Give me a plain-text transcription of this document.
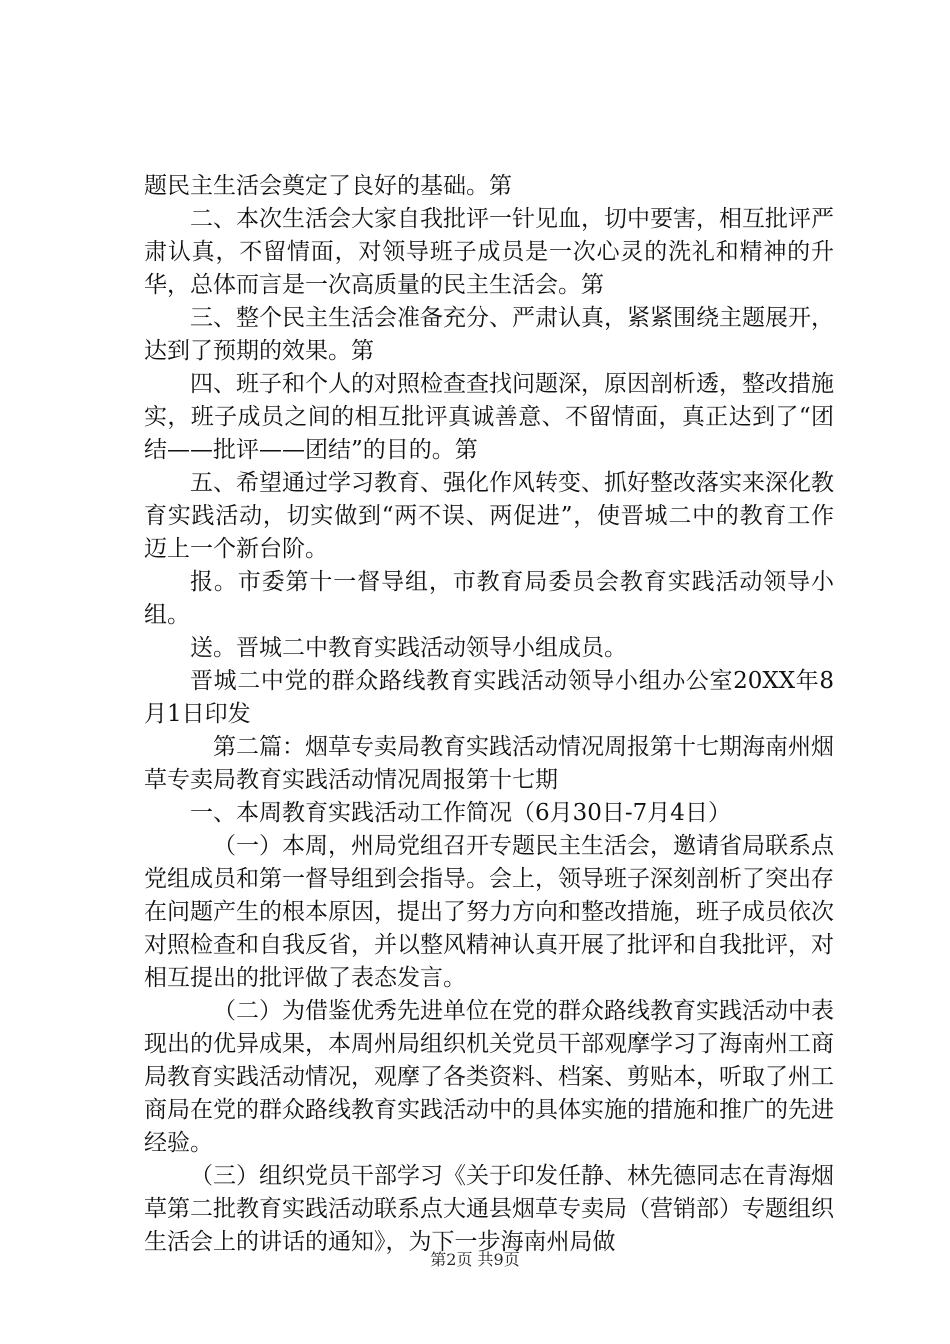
题民主生活会奠定了良好的基础。第

二、本次生活会大家自我批评一针见血，切中要害，相互批评严肃认真，不留情面，对领导班子成员是一次心灵的洗礼和精神的升华，总体而言是一次高质量的民主生活会。第

三、整个民主生活会准备充分、严肃认真，紧紧围绕主题展开，达到了预期的效果。第

四、班子和个人的对照检查查找问题深，原因剖析透，整改措施实，班子成员之间的相互批评真诚善意、不留情面，真正达到了“团结——批评——团结”的目的。第

五、希望通过学习教育、强化作风转变、抓好整改落实来深化教育实践活动，切实做到“两不误、两促进”，使晋城二中的教育工作迈上一个新台阶。

报。市委第十一督导组，市教育局委员会教育实践活动领导小组。

送。晋城二中教育实践活动领导小组成员。

晋城二中党的群众路线教育实践活动领导小组办公室20XX年8月1日印发

第二篇：烟草专卖局教育实践活动情况周报第十七期海南州烟草专卖局教育实践活动情况周报第十七期

一、本周教育实践活动工作简况（6月30日-7月4日）

（一）本周，州局党组召开专题民主生活会，邀请省局联系点党组成员和第一督导组到会指导。会上，领导班子深刻剖析了突出存在问题产生的根本原因，提出了努力方向和整改措施，班子成员依次对照检查和自我反省，并以整风精神认真开展了批评和自我批评，对相互提出的批评做了表态发言。

（二）为借鉴优秀先进单位在党的群众路线教育实践活动中表现出的优异成果，本周州局组织机关党员干部观摩学习了海南州工商局教育实践活动情况，观摩了各类资料、档案、剪贴本，听取了州工商局在党的群众路线教育实践活动中的具体实施的措施和推广的先进经验。

（三）组织党员干部学习《关于印发任静、林先德同志在青海烟草第二批教育实践活动联系点大通县烟草专卖局（营销部）专题组织生活会上的讲话的通知》，为下一步海南州局做

第2页 共9页
